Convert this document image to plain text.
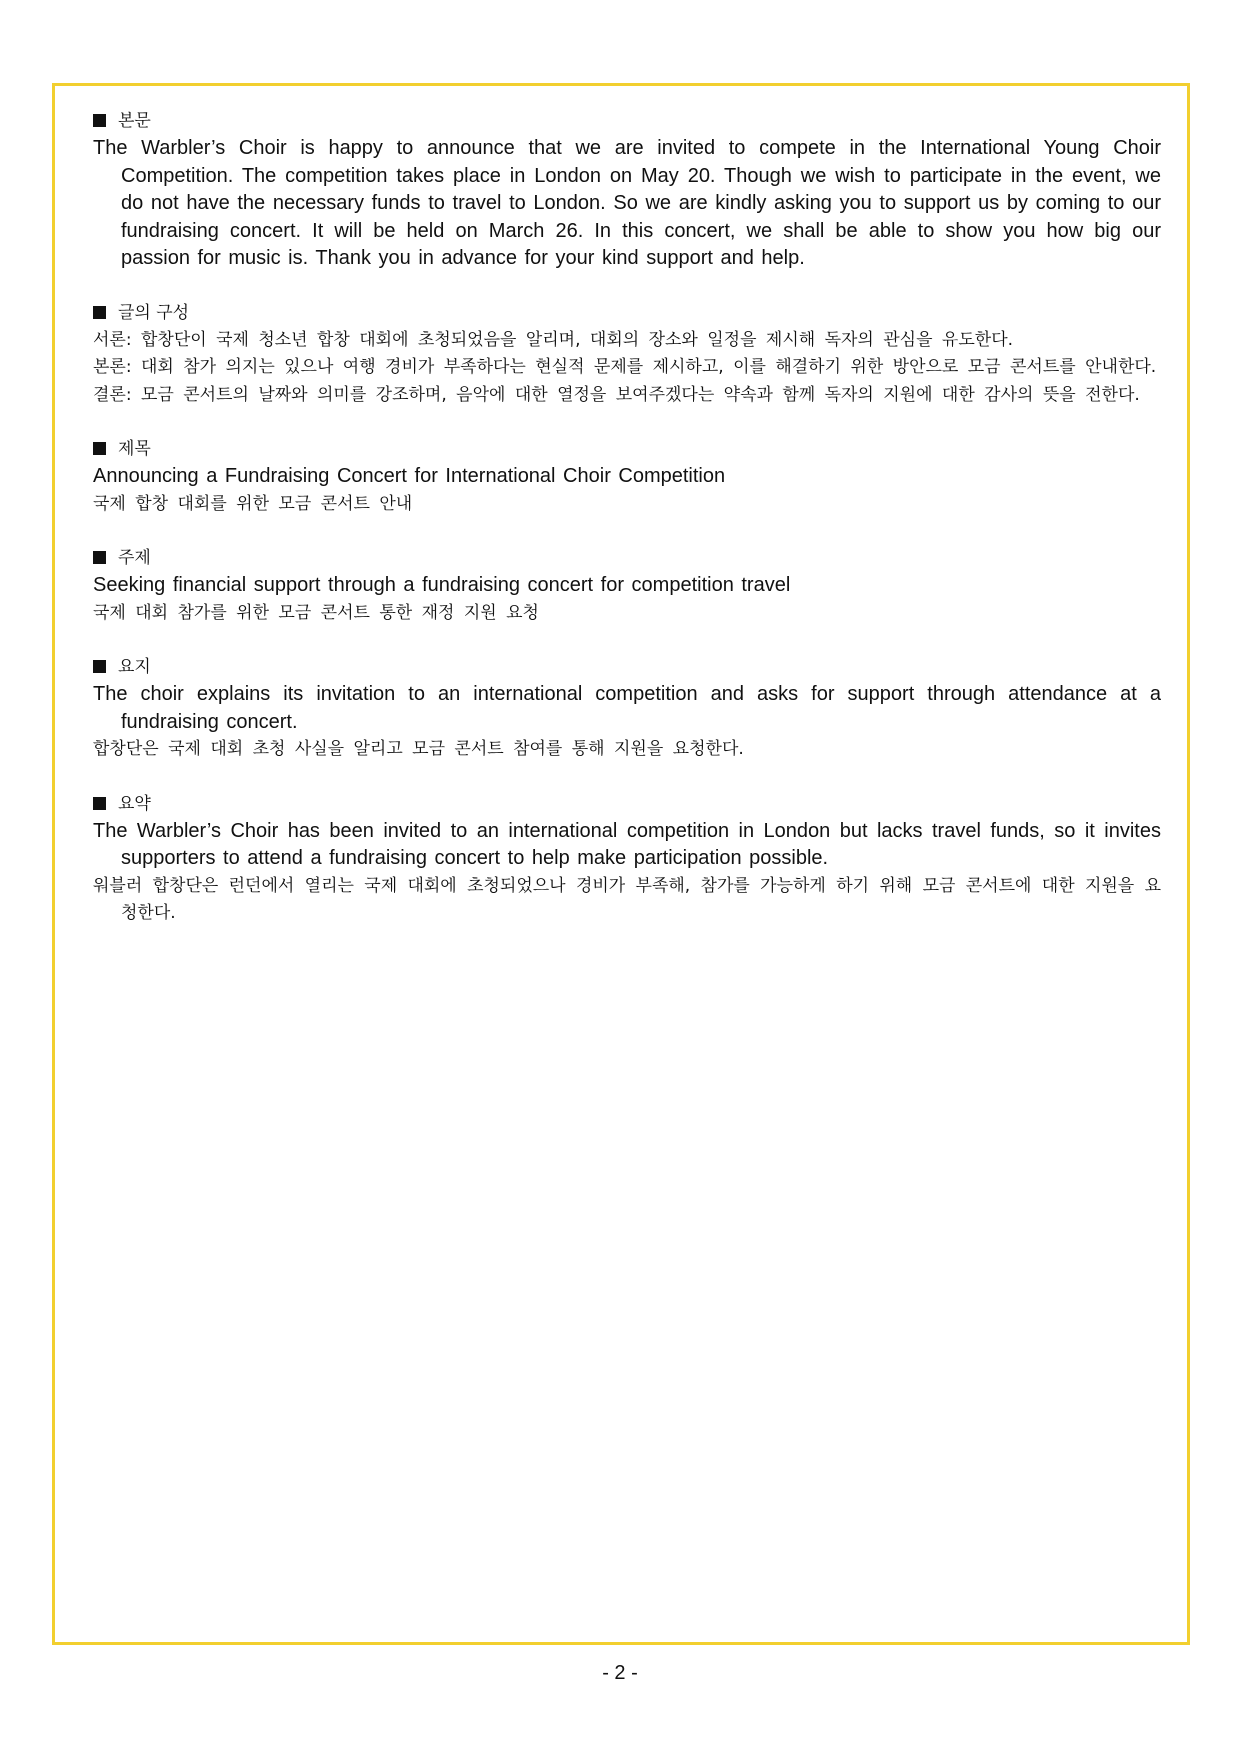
본문
The Warbler’s Choir is happy to announce that we are invited to compete in the International Young Choir Competition. The competition takes place in London on May 20. Though we wish to participate in the event, we do not have the necessary funds to travel to London. So we are kindly asking you to support us by coming to our fundraising concert. It will be held on March 26. In this concert, we shall be able to show you how big our passion for music is. Thank you in advance for your kind support and help.
글의 구성
서론: 합창단이 국제 청소년 합창 대회에 초청되었음을 알리며, 대회의 장소와 일정을 제시해 독자의 관심을 유도한다.
본론: 대회 참가 의지는 있으나 여행 경비가 부족하다는 현실적 문제를 제시하고, 이를 해결하기 위한 방안으로 모금 콘서트를 안내한다.
결론: 모금 콘서트의 날짜와 의미를 강조하며, 음악에 대한 열정을 보여주겠다는 약속과 함께 독자의 지원에 대한 감사의 뜻을 전한다.
제목
Announcing a Fundraising Concert for International Choir Competition
국제 합창 대회를 위한 모금 콘서트 안내
주제
Seeking financial support through a fundraising concert for competition travel
국제 대회 참가를 위한 모금 콘서트 통한 재정 지원 요청
요지
The choir explains its invitation to an international competition and asks for support through attendance at a fundraising concert.
합창단은 국제 대회 초청 사실을 알리고 모금 콘서트 참여를 통해 지원을 요청한다.
요약
The Warbler’s Choir has been invited to an international competition in London but lacks travel funds, so it invites supporters to attend a fundraising concert to help make participation possible.
워블러 합창단은 런던에서 열리는 국제 대회에 초청되었으나 경비가 부족해, 참가를 가능하게 하기 위해 모금 콘서트에 대한 지원을 요청한다.
- 2 -
